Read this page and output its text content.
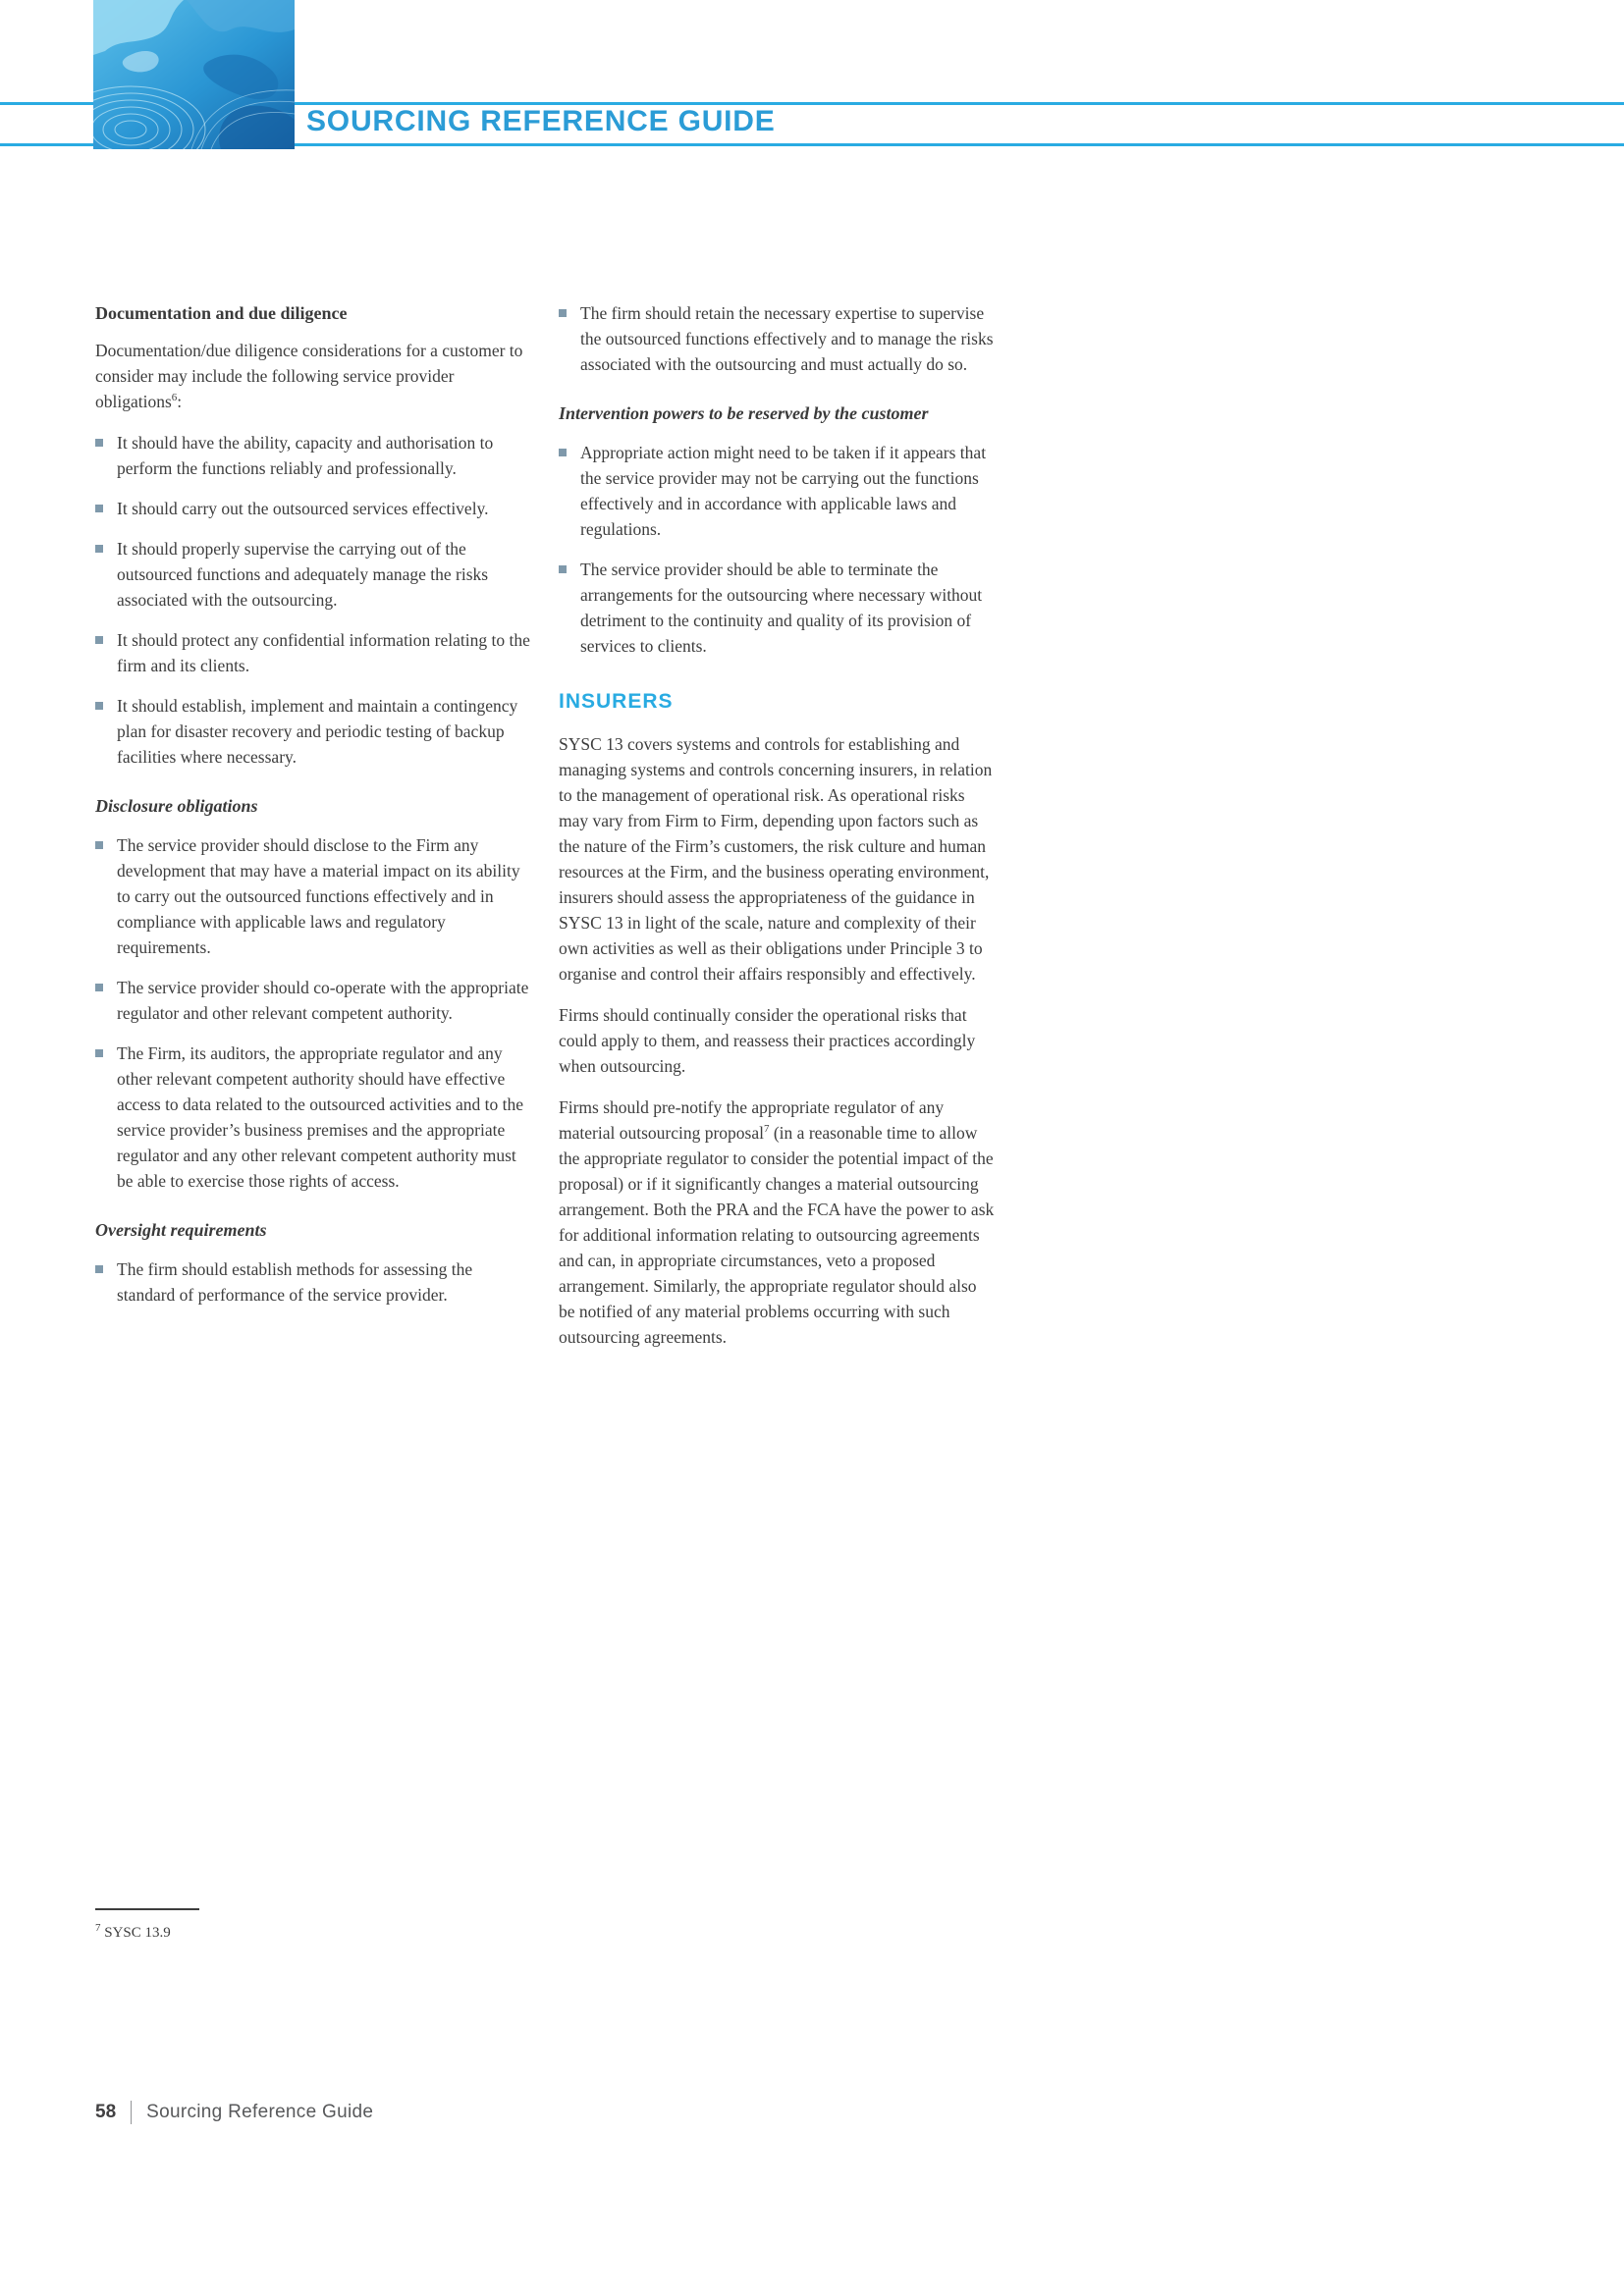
SOURCING REFERENCE GUIDE
Documentation and due diligence

Documentation/due diligence considerations for a customer to consider may include the following service provider obligations$^6$:

It should have the ability, capacity and authorisation to perform the functions reliably and professionally.
It should carry out the outsourced services effectively.
It should properly supervise the carrying out of the outsourced functions and adequately manage the risks associated with the outsourcing.
It should protect any confidential information relating to the firm and its clients.
It should establish, implement and maintain a contingency plan for disaster recovery and periodic testing of backup facilities where necessary.
Disclosure obligations
The service provider should disclose to the Firm any development that may have a material impact on its ability to carry out the outsourced functions effectively and in compliance with applicable laws and regulatory requirements.
The service provider should co-operate with the appropriate regulator and other relevant competent authority.
The Firm, its auditors, the appropriate regulator and any other relevant competent authority should have effective access to data related to the outsourced activities and to the service provider’s business premises and the appropriate regulator and any other relevant competent authority must be able to exercise those rights of access.
Oversight requirements
The firm should establish methods for assessing the standard of performance of the service provider.
The firm should retain the necessary expertise to supervise the outsourced functions effectively and to manage the risks associated with the outsourcing and must actually do so.
Intervention powers to be reserved by the customer
Appropriate action might need to be taken if it appears that the service provider may not be carrying out the functions effectively and in accordance with applicable laws and regulations.
The service provider should be able to terminate the arrangements for the outsourcing where necessary without detriment to the continuity and quality of its provision of services to clients.
INSURERS

SYSC 13 covers systems and controls for establishing and managing systems and controls concerning insurers, in relation to the management of operational risk. As operational risks may vary from Firm to Firm, depending upon factors such as the nature of the Firm’s customers, the risk culture and human resources at the Firm, and the business operating environment, insurers should assess the appropriateness of the guidance in SYSC 13 in light of the scale, nature and complexity of their own activities as well as their obligations under Principle 3 to organise and control their affairs responsibly and effectively.

Firms should continually consider the operational risks that could apply to them, and reassess their practices accordingly when outsourcing.

Firms should pre-notify the appropriate regulator of any material outsourcing proposal$^7$ (in a reasonable time to allow the appropriate regulator to consider the potential impact of the proposal) or if it significantly changes a material outsourcing arrangement. Both the PRA and the FCA have the power to ask for additional information relating to outsourcing agreements and can, in appropriate circumstances, veto a proposed arrangement. Similarly, the appropriate regulator should also be notified of any material problems occurring with such outsourcing agreements.

$^7$ SYSC 13.9
58 Sourcing Reference Guide
